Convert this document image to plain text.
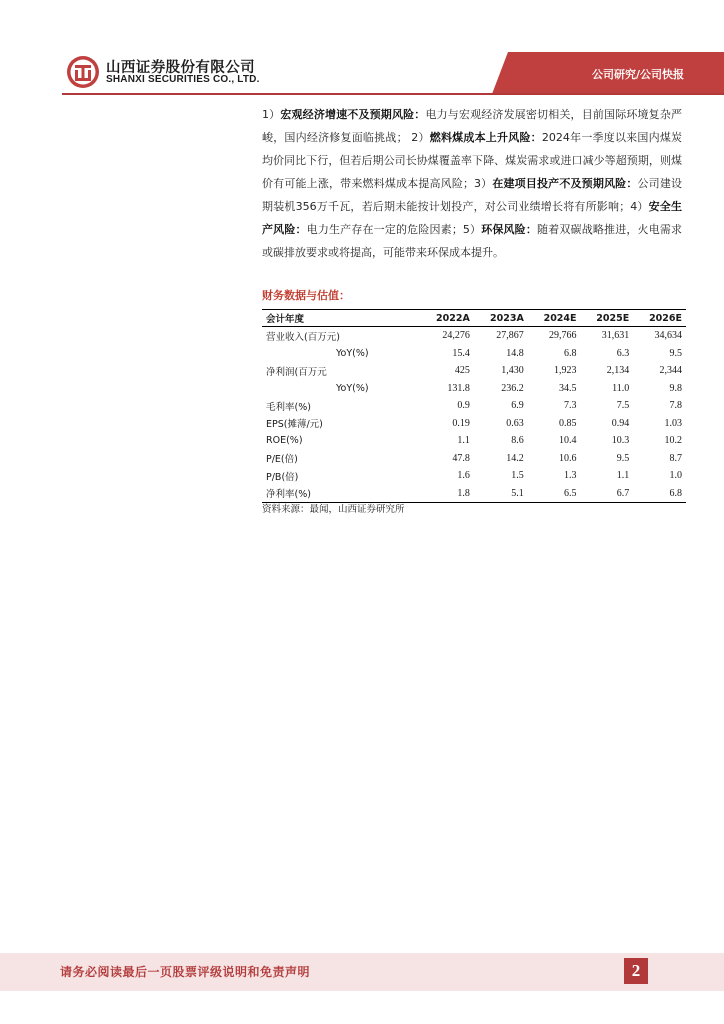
山西证券股份有限公司
SHANXI SECURITIES CO., LTD.	公司研究/公司快报
1）宏观经济增速不及预期风险：电力与宏观经济发展密切相关，目前国际环境复杂严峻，国内经济修复面临挑战； 2）燃料煤成本上升风险：2024年一季度以来国内煤炭均价同比下行，但若后期公司长协煤覆盖率下降、煤炭需求或进口减少等超预期，则煤价有可能上涨，带来燃料煤成本提高风险；3）在建项目投产不及预期风险：公司建设期装机356万千瓦，若后期未能按计划投产，对公司业绩增长将有所影响；4）安全生产风险：电力生产存在一定的危险因素；5）环保风险：随着双碳战略推进，火电需求或碳排放要求或将提高，可能带来环保成本提升。
财务数据与估值：
会计年度	2022A	2023A	2024E	2025E	2026E
营业收入(百万元)	24,276	27,867	29,766	31,631	34,634
YoY(%)	15.4	14.8	6.8	6.3	9.5
净利润(百万元	425	1,430	1,923	2,134	2,344
YoY(%)	131.8	236.2	34.5	11.0	9.8
毛利率(%)	0.9	6.9	7.3	7.5	7.8
EPS(摊薄/元)	0.19	0.63	0.85	0.94	1.03
ROE(%)	1.1	8.6	10.4	10.3	10.2
P/E(倍)	47.8	14.2	10.6	9.5	8.7
P/B(倍)	1.6	1.5	1.3	1.1	1.0
净利率(%)	1.8	5.1	6.5	6.7	6.8
资料来源：最闻，山西证券研究所
请务必阅读最后一页股票评级说明和免责声明	2
